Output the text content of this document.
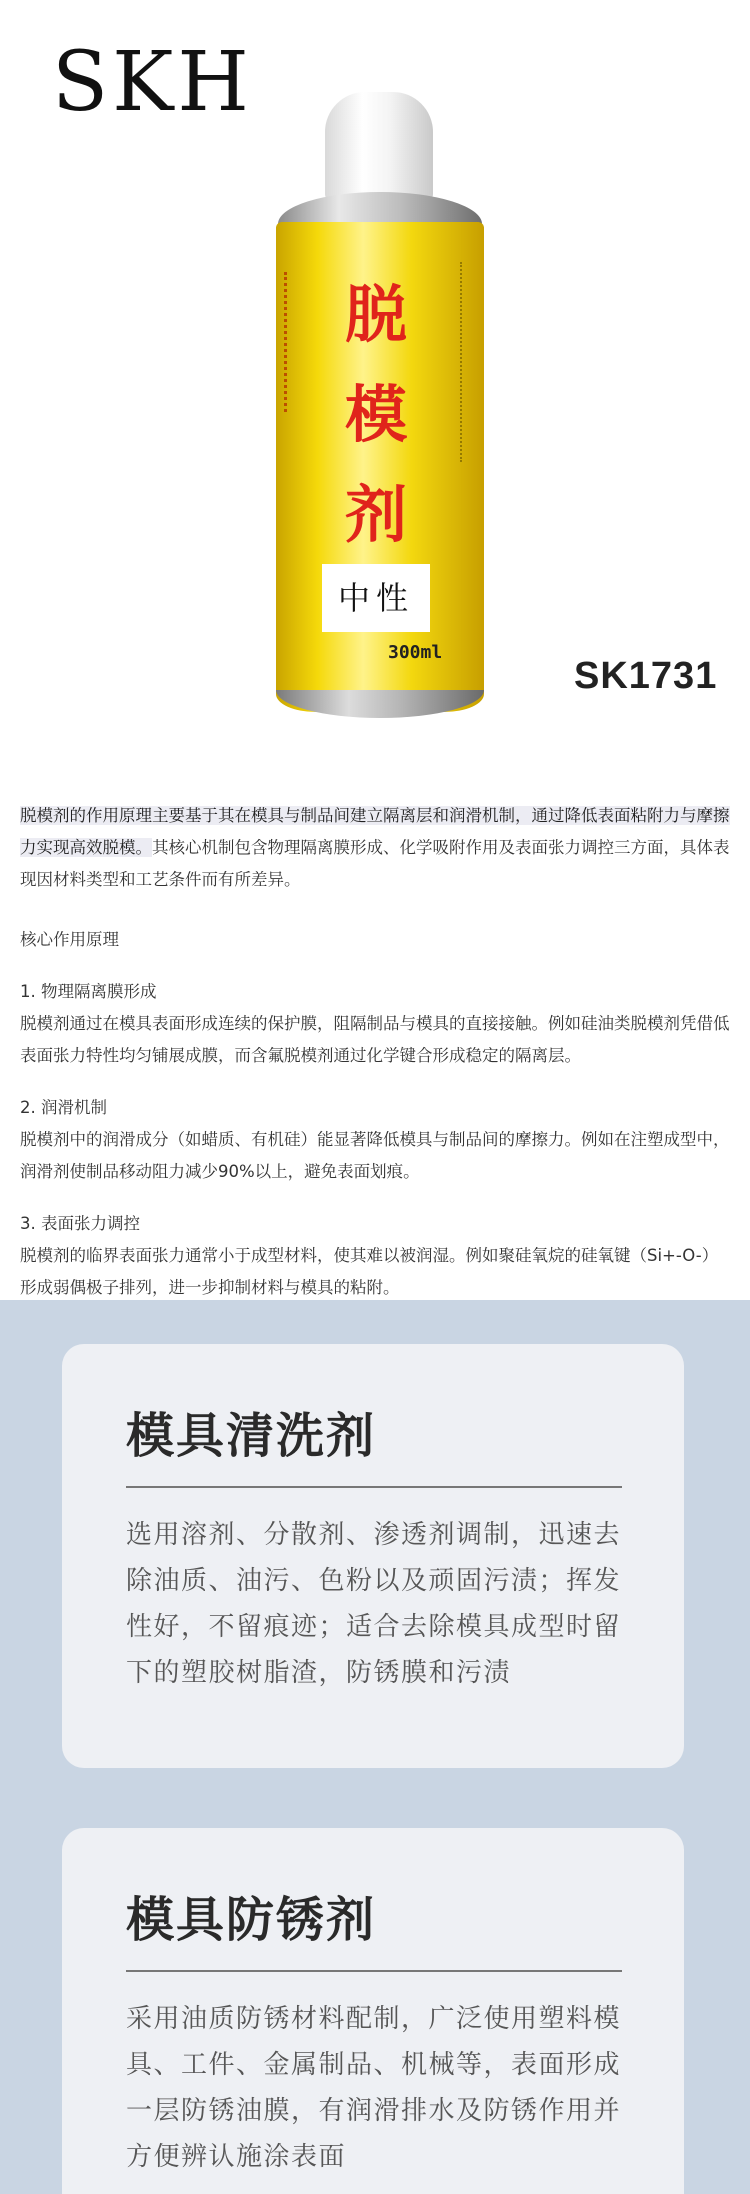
SKH
脱
模
剂
中性
300ml
SK1731

脱模剂的作用原理主要基于其在模具与制品间建立隔离层和润滑机制，通过降低表面粘附力与摩擦力实现高效脱模。其核心机制包含物理隔离膜形成、化学吸附作用及表面张力调控三方面，具体表现因材料类型和工艺条件而有所差异。

核心作用原理

1. 物理隔离膜形成

脱模剂通过在模具表面形成连续的保护膜，阻隔制品与模具的直接接触。例如硅油类脱模剂凭借低表面张力特性均匀铺展成膜，而含氟脱模剂通过化学键合形成稳定的隔离层。

2. 润滑机制

脱模剂中的润滑成分（如蜡质、有机硅）能显著降低模具与制品间的摩擦力。例如在注塑成型中，润滑剂使制品移动阻力减少90%以上，避免表面划痕。

3. 表面张力调控

脱模剂的临界表面张力通常小于成型材料，使其难以被润湿。例如聚硅氧烷的硅氧键（Si+-O-）形成弱偶极子排列，进一步抑制材料与模具的粘附。

模具清洗剂
选用溶剂、分散剂、渗透剂调制，迅速去除油质、油污、色粉以及顽固污渍；挥发性好，不留痕迹；适合去除模具成型时留下的塑胶树脂渣，防锈膜和污渍
模具防锈剂
采用油质防锈材料配制，广泛使用塑料模具、工件、金属制品、机械等，表面形成一层防锈油膜，有润滑排水及防锈作用并方便辨认施涂表面
